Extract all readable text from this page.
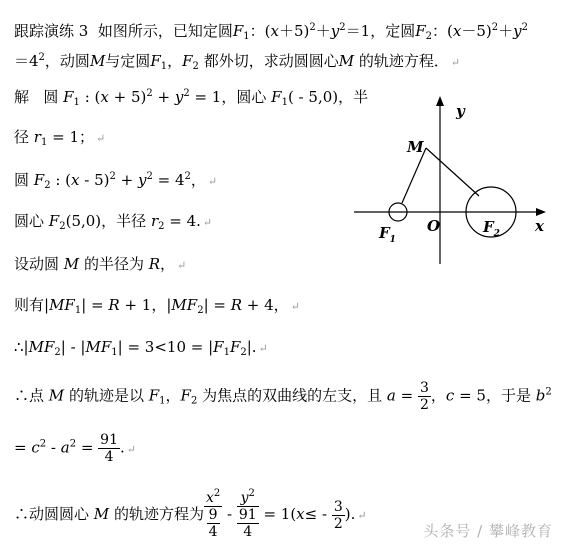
跟踪演练 3 如图所示，已知定圆$F_1$：$(x+5)^2+y^2=1$，定圆$F_2$：$(x-5)^2+y^2$
$=4^2$，动圆M与定圆$F_1$，$F_2$ 都外切，求动圆圆心M 的轨迹方程． ↵
解 圆 $F_1$ : $(x + 5)^2 + y^2 = 1$，圆心 $F_1( - 5,0)$，半
径 $r_1 = 1$； ↵
圆 $F_2$ : $(x - 5)^2 + y^2 = 4^2$， ↵
圆心 $F_2(5,0)$，半径 $r_2 = 4$. ↵
设动圆 M 的半径为 R， ↵
则有$|MF_1| = R + 1$，$|MF_2| = R + 4$， ↵
$\therefore|MF_2| - |MF_1| = 3<10 = |F_1F_2|$. ↵
∴点 M 的轨迹是以 $F_1$，$F_2$ 为焦点的双曲线的左支，且 $a = \frac{3}{2}$ ，c = 5，于是 $b^2$
= $c^2 - a^2 = \frac{91}{4}$ . ↵
∴动圆圆心 M 的轨迹方程为 $\frac{x^2}{\frac{9}{4}} - \frac{y^2}{\frac{91}{4}} = 1(x\le - \frac{3}{2}$ ). ↵
y
x
O
M
$F_1$
$F_2$
头条号 / 攀峰教育
